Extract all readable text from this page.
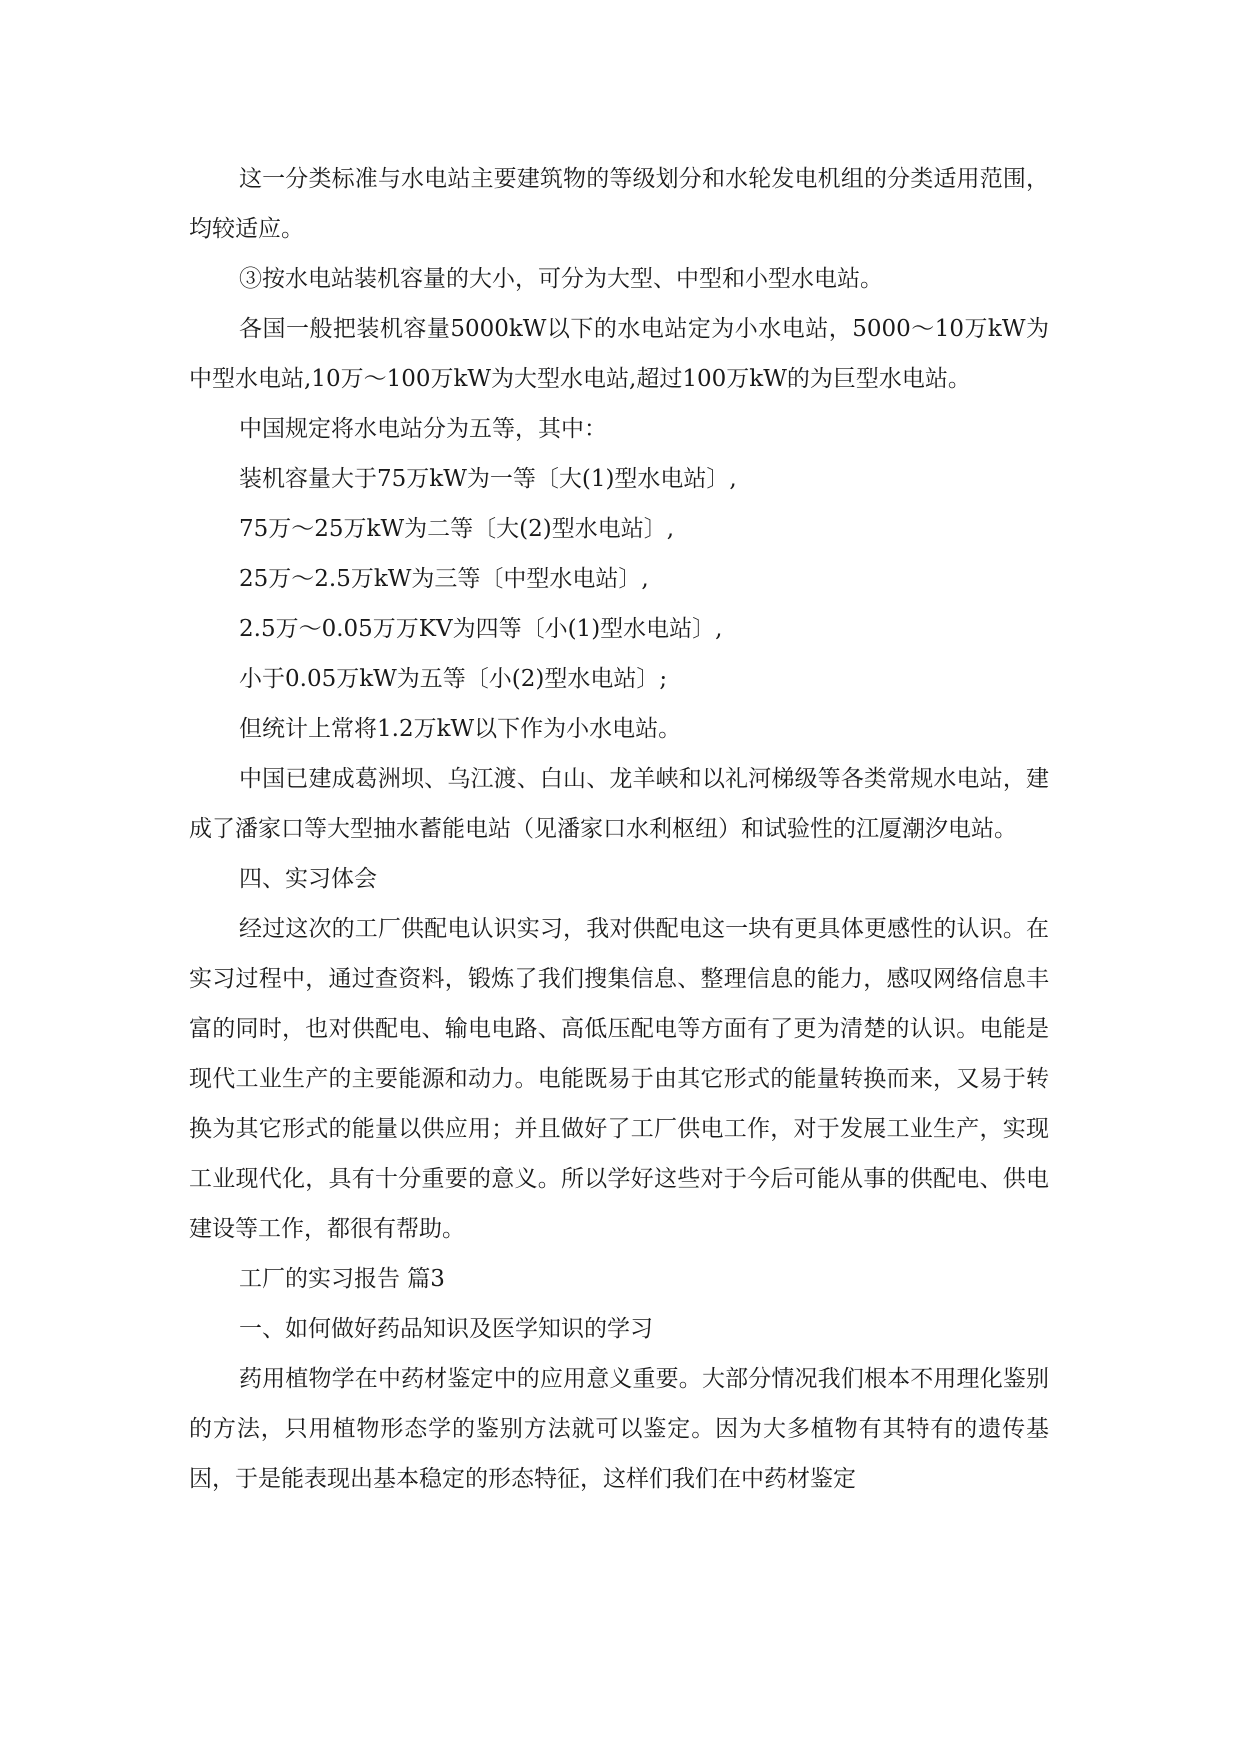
这一分类标准与水电站主要建筑物的等级划分和水轮发电机组的分类适用范围，均较适应。

③按水电站装机容量的大小，可分为大型、中型和小型水电站。

各国一般把装机容量5000kW以下的水电站定为小水电站，5000～10万kW为中型水电站,10万～100万kW为大型水电站,超过100万kW的为巨型水电站。

中国规定将水电站分为五等，其中：

装机容量大于75万kW为一等〔大(1)型水电站〕,

75万～25万kW为二等〔大(2)型水电站〕,

25万～2.5万kW为三等〔中型水电站〕,

2.5万～0.05万万KV为四等〔小(1)型水电站〕,

小于0.05万kW为五等〔小(2)型水电站〕;

但统计上常将1.2万kW以下作为小水电站。

中国已建成葛洲坝、乌江渡、白山、龙羊峡和以礼河梯级等各类常规水电站，建成了潘家口等大型抽水蓄能电站（见潘家口水利枢纽）和试验性的江厦潮汐电站。

四、实习体会

经过这次的工厂供配电认识实习，我对供配电这一块有更具体更感性的认识。在实习过程中，通过查资料，锻炼了我们搜集信息、整理信息的能力，感叹网络信息丰富的同时，也对供配电、输电电路、高低压配电等方面有了更为清楚的认识。电能是现代工业生产的主要能源和动力。电能既易于由其它形式的能量转换而来，又易于转换为其它形式的能量以供应用；并且做好了工厂供电工作，对于发展工业生产，实现工业现代化，具有十分重要的意义。所以学好这些对于今后可能从事的供配电、供电建设等工作，都很有帮助。

工厂的实习报告 篇3

一、如何做好药品知识及医学知识的学习

药用植物学在中药材鉴定中的应用意义重要。大部分情况我们根本不用理化鉴别的方法，只用植物形态学的鉴别方法就可以鉴定。因为大多植物有其特有的遗传基因，于是能表现出基本稳定的形态特征，这样们我们在中药材鉴定
